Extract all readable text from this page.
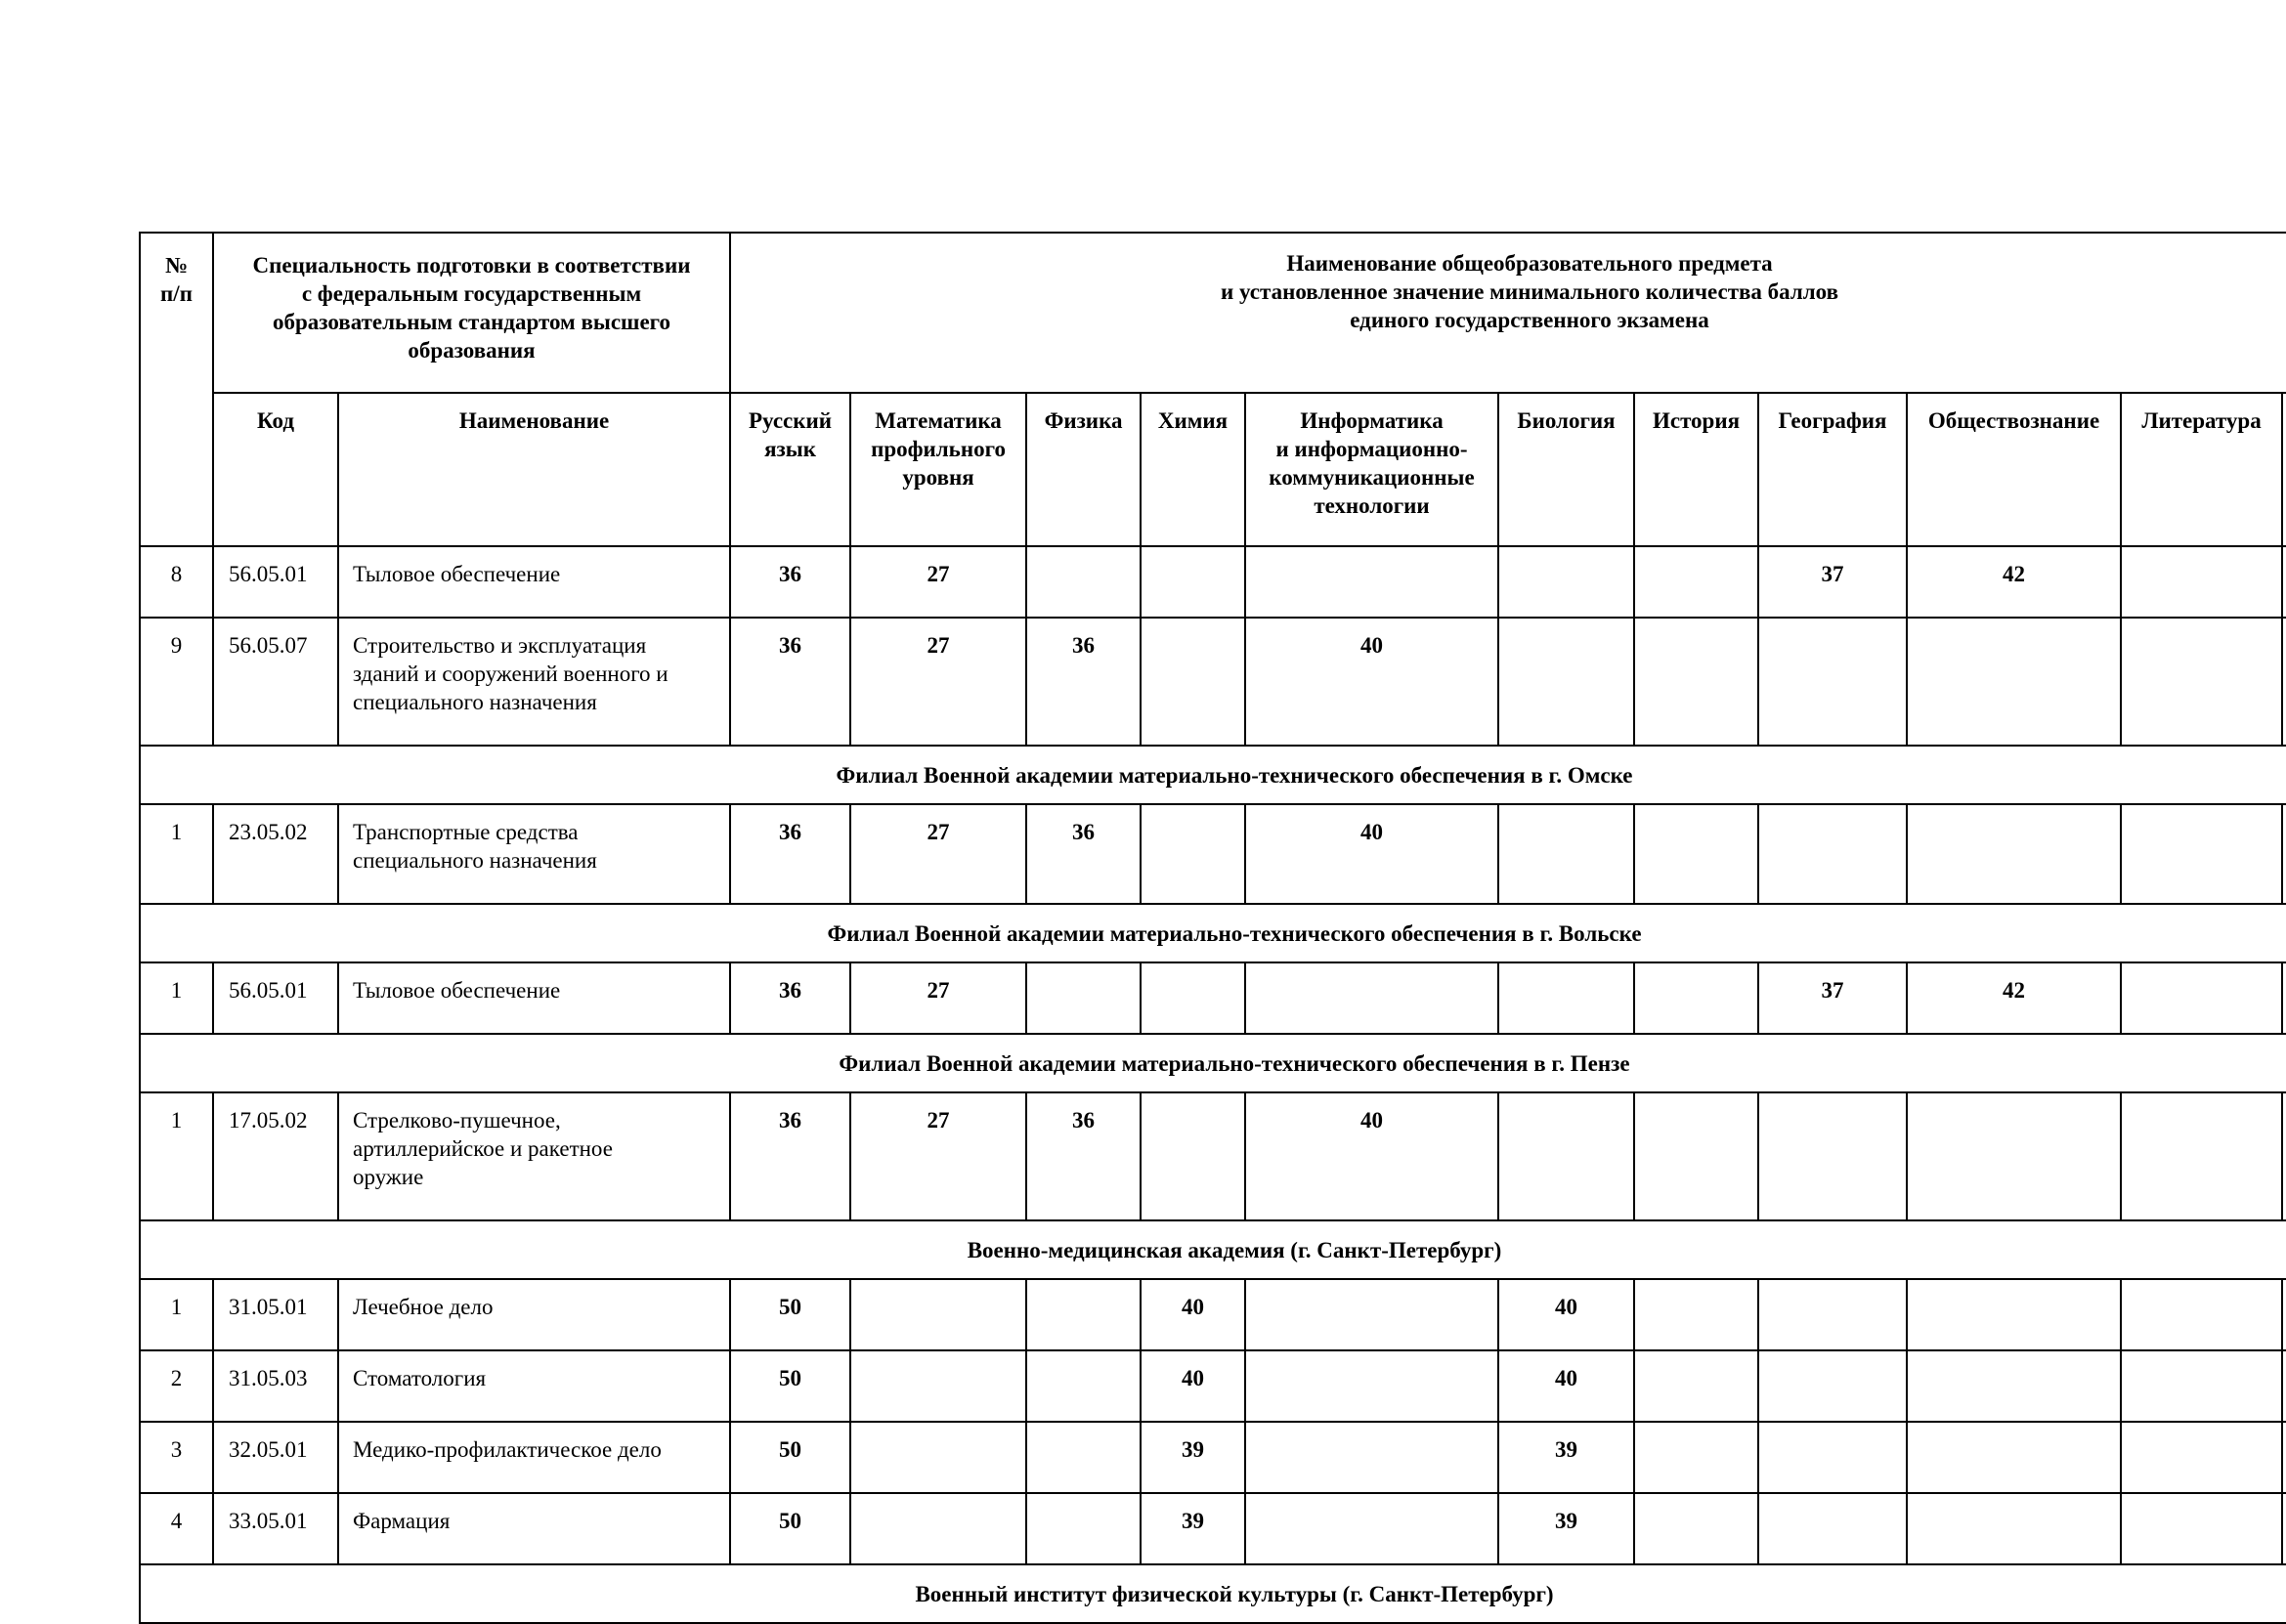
№
п/п	Специальность подготовки в соответствии
с федеральным государственным
образовательным стандартом высшего
образования		Наименование общеобразовательного предмета
и установленное значение минимального количества баллов
единого государственного экзамена										

	Код	Наименование	Русский
язык	Математика
профильного
уровня	Физика	Химия	Информатика
и информационно-
коммуникационные
технологии	Биология	История	География	Обществознание	Литература	

8	56.05.01	Тыловое обеспечение	36	27						37	42		

9	56.05.07	Строительство и эксплуатация
зданий и сооружений военного и
специального назначения	36	27	36		40						

Филиал Военной академии материально-технического обеспечения в г. Омске													

1	23.05.02	Транспортные средства
специального назначения	36	27	36		40						

Филиал Военной академии материально-технического обеспечения в г. Вольске													

1	56.05.01	Тыловое обеспечение	36	27						37	42		

Филиал Военной академии материально-технического обеспечения в г. Пензе													

1	17.05.02	Стрелково-пушечное,
артиллерийское и ракетное
оружие	36	27	36		40						

Военно-медицинская академия (г. Санкт-Петербург)													

1	31.05.01	Лечебное дело	50			40		40					

2	31.05.03	Стоматология	50			40		40					

3	32.05.01	Медико-профилактическое дело	50			39		39					

4	33.05.01	Фармация	50			39		39					

Военный институт физической культуры (г. Санкт-Петербург)													
